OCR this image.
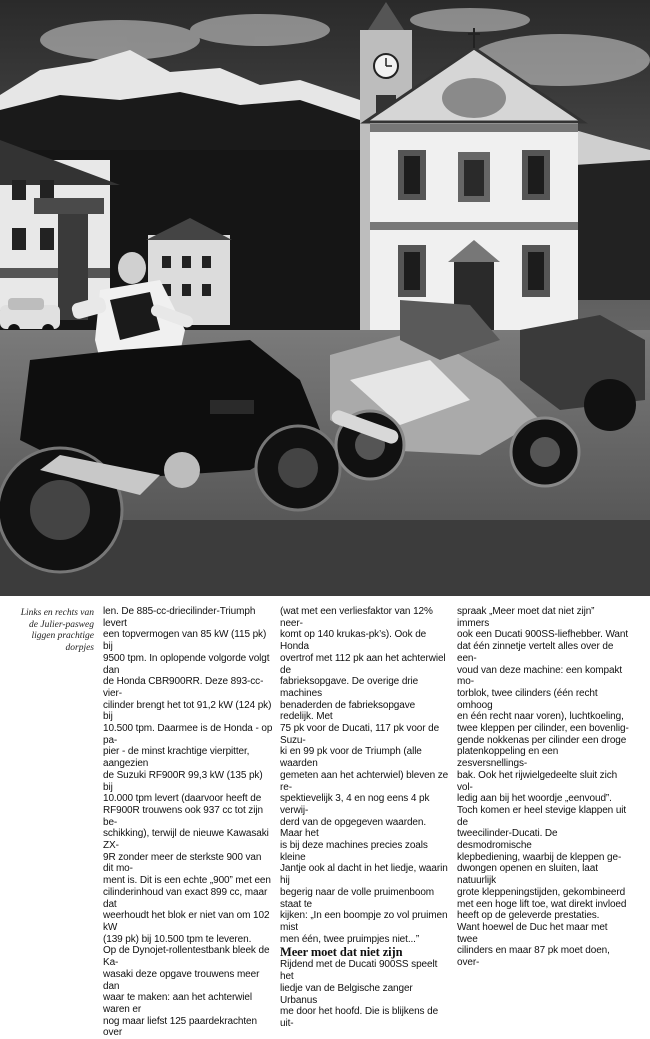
Links en rechts van
de Julier-pasweg
liggen prachtige
dorpjes

len. De 885-cc-driecilinder-Triumph levert

een topvermogen van 85 kW (115 pk) bij

9500 tpm. In oplopende volgorde volgt dan

de Honda CBR900RR. Deze 893-cc-vier-

cilinder brengt het tot 91,2 kW (124 pk) bij

10.500 tpm. Daarmee is de Honda - op pa-

pier - de minst krachtige vierpitter, aangezien

de Suzuki RF900R 99,3 kW (135 pk) bij

10.000 tpm levert (daarvoor heeft de

RF900R trouwens ook 937 cc tot zijn be-

schikking), terwijl de nieuwe Kawasaki ZX-

9R zonder meer de sterkste 900 van dit mo-

ment is. Dit is een echte „900” met een

cilinderinhoud van exact 899 cc, maar dat

weerhoudt het blok er niet van om 102 kW

(139 pk) bij 10.500 tpm te leveren.

Op de Dynojet-rollentestbank bleek de Ka-

wasaki deze opgave trouwens meer dan

waar te maken: aan het achterwiel waren er

nog maar liefst 125 paardekrachten over

(wat met een verliesfaktor van 12% neer-

komt op 140 krukas-pk’s). Ook de Honda

overtrof met 112 pk aan het achterwiel de

fabrieksopgave. De overige drie machines

benaderden de fabrieksopgave redelijk. Met

75 pk voor de Ducati, 117 pk voor de Suzu-

ki en 99 pk voor de Triumph (alle waarden

gemeten aan het achterwiel) bleven ze re-

spektievelijk 3, 4 en nog eens 4 pk verwij-

derd van de opgegeven waarden. Maar het

is bij deze machines precies zoals kleine

Jantje ook al dacht in het liedje, waarin hij

begerig naar de volle pruimenboom staat te

kijken: „In een boompje zo vol pruimen mist

men één, twee pruimpjes niet...”

Meer moet dat niet zijn

Rijdend met de Ducati 900SS speelt het

liedje van de Belgische zanger Urbanus

me door het hoofd. Die is blijkens de uit-

spraak „Meer moet dat niet zijn” immers

ook een Ducati 900SS-liefhebber. Want

dat één zinnetje vertelt alles over de een-

voud van deze machine: een kompakt mo-

torblok, twee cilinders (één recht omhoog

en één recht naar voren), luchtkoeling,

twee kleppen per cilinder, een bovenlig-

gende nokkenas per cilinder een droge

platenkoppeling en een zesversnellings-

bak. Ook het rijwielgedeelte sluit zich vol-

ledig aan bij het woordje „eenvoud”.

Toch komen er heel stevige klappen uit de

tweecilinder-Ducati. De desmodromische

klepbediening, waarbij de kleppen ge-

dwongen openen en sluiten, laat natuurlijk

grote kleppeningstijden, gekombineerd

met een hoge lift toe, wat direkt invloed

heeft op de geleverde prestaties.

Want hoewel de Duc het maar met twee

cilinders en maar 87 pk moet doen, over-
